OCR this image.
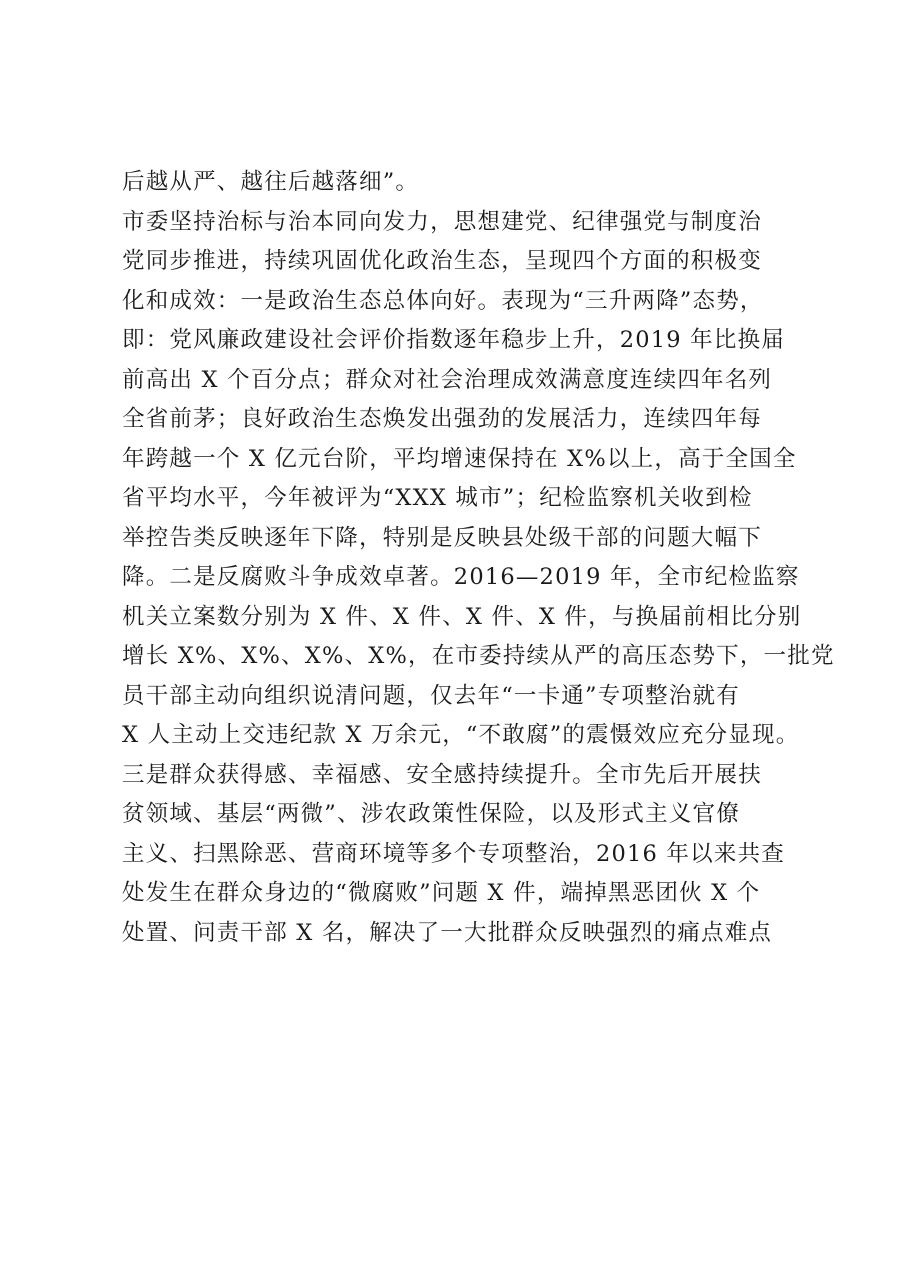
后越从严、越往后越落细”。
市委坚持治标与治本同向发力，思想建党、纪律强党与制度治
党同步推进，持续巩固优化政治生态，呈现四个方面的积极变
化和成效：一是政治生态总体向好。表现为“三升两降”态势，
即：党风廉政建设社会评价指数逐年稳步上升，2019 年比换届
前高出 X 个百分点；群众对社会治理成效满意度连续四年名列
全省前茅；良好政治生态焕发出强劲的发展活力，连续四年每
年跨越一个 X 亿元台阶，平均增速保持在 X%以上，高于全国全
省平均水平，今年被评为“XXX 城市”；纪检监察机关收到检
举控告类反映逐年下降，特别是反映县处级干部的问题大幅下
降。二是反腐败斗争成效卓著。2016—2019 年，全市纪检监察
机关立案数分别为 X 件、X 件、X 件、X 件，与换届前相比分别
增长 X%、X%、X%、X%，在市委持续从严的高压态势下，一批党
员干部主动向组织说清问题，仅去年“一卡通”专项整治就有
X 人主动上交违纪款 X 万余元，“不敢腐”的震慑效应充分显现。
三是群众获得感、幸福感、安全感持续提升。全市先后开展扶
贫领域、基层“两微”、涉农政策性保险，以及形式主义官僚
主义、扫黑除恶、营商环境等多个专项整治，2016 年以来共查
处发生在群众身边的“微腐败”问题 X 件，端掉黑恶团伙 X 个
处置、问责干部 X 名，解决了一大批群众反映强烈的痛点难点
